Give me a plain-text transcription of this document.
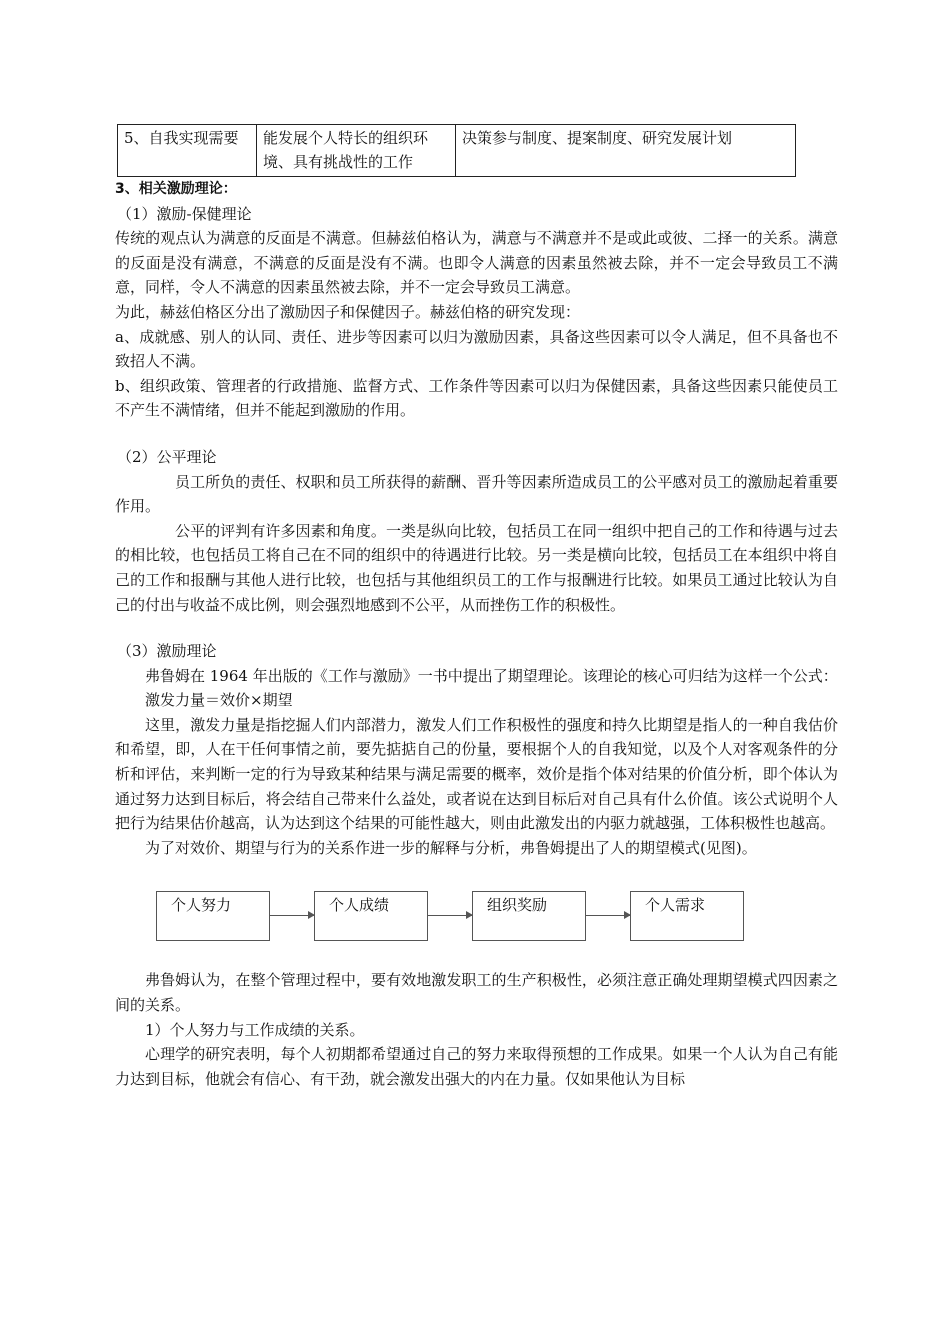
5、自我实现需要	能发展个人特长的组织环境、具有挑战性的工作	决策参与制度、提案制度、研究发展计划

3、相关激励理论：

（1）激励-保健理论

传统的观点认为满意的反面是不满意。但赫兹伯格认为，满意与不满意并不是或此或彼、二择一的关系。满意的反面是没有满意，不满意的反面是没有不满。也即令人满意的因素虽然被去除，并不一定会导致员工不满意，同样，令人不满意的因素虽然被去除，并不一定会导致员工满意。

为此，赫兹伯格区分出了激励因子和保健因子。赫兹伯格的研究发现：

a、成就感、别人的认同、责任、进步等因素可以归为激励因素，具备这些因素可以令人满足，但不具备也不致招人不满。

b、组织政策、管理者的行政措施、监督方式、工作条件等因素可以归为保健因素，具备这些因素只能使员工不产生不满情绪，但并不能起到激励的作用。

（2）公平理论

员工所负的责任、权职和员工所获得的薪酬、晋升等因素所造成员工的公平感对员工的激励起着重要作用。

公平的评判有许多因素和角度。一类是纵向比较，包括员工在同一组织中把自己的工作和待遇与过去的相比较，也包括员工将自己在不同的组织中的待遇进行比较。另一类是横向比较，包括员工在本组织中将自己的工作和报酬与其他人进行比较，也包括与其他组织员工的工作与报酬进行比较。如果员工通过比较认为自己的付出与收益不成比例，则会强烈地感到不公平，从而挫伤工作的积极性。

（3）激励理论

弗鲁姆在 1964 年出版的《工作与激励》一书中提出了期望理论。该理论的核心可归结为这样一个公式：

激发力量＝效价×期望

这里，激发力量是指挖掘人们内部潜力，激发人们工作积极性的强度和持久比期望是指人的一种自我估价和希望，即，人在干任何事情之前，要先掂掂自己的份量，要根据个人的自我知觉，以及个人对客观条件的分析和评估，来判断一定的行为导致某种结果与满足需要的概率，效价是指个体对结果的价值分析，即个体认为通过努力达到目标后，将会结自己带来什么益处，或者说在达到目标后对自己具有什么价值。该公式说明个人把行为结果估价越高，认为达到这个结果的可能性越大，则由此激发出的内驱力就越强，工体积极性也越高。

为了对效价、期望与行为的关系作进一步的解释与分析，弗鲁姆提出了人的期望模式(见图)。

个人努力	个人成绩	组织奖励	个人需求

弗鲁姆认为，在整个管理过程中，要有效地激发职工的生产积极性，必须注意正确处理期望模式四因素之间的关系。

1）个人努力与工作成绩的关系。

心理学的研究表明，每个人初期都希望通过自己的努力来取得预想的工作成果。如果一个人认为自己有能力达到目标，他就会有信心、有干劲，就会激发出强大的内在力量。仅如果他认为目标
